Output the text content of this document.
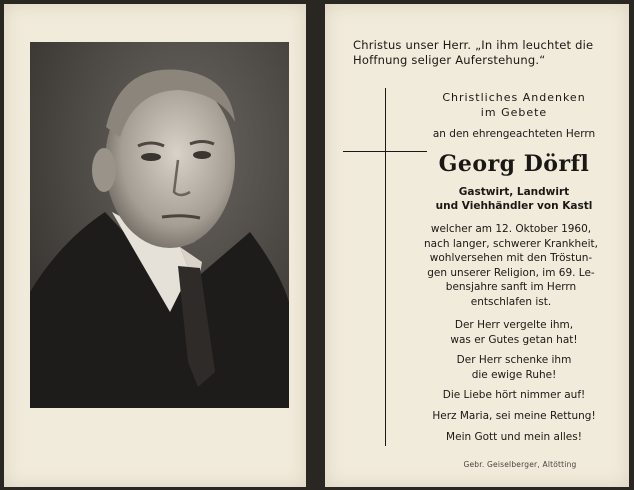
Christus unser Herr. „In ihm leuchtet die
Hoffnung seliger Auferstehung.“
Christliches Andenken
im Gebete
an den ehrengeachteten Herrn
Georg Dörfl
Gastwirt, Landwirt
und Viehhändler von Kastl
welcher am 12. Oktober 1960,
nach langer, schwerer Krankheit,
wohlversehen mit den Tröstun-
gen unserer Religion, im 69. Le-
bensjahre sanft im Herrn
entschlafen ist.
Der Herr vergelte ihm,
was er Gutes getan hat!
Der Herr schenke ihm
die ewige Ruhe!
Die Liebe hört nimmer auf!
Herz Maria, sei meine Rettung!
Mein Gott und mein alles!
Gebr. Geiselberger, Altötting
